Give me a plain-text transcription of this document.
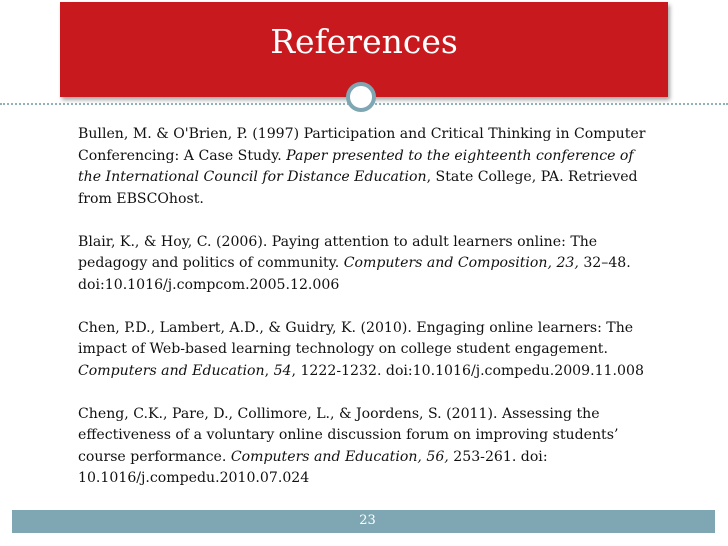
References

Bullen, M. & O'Brien, P. (1997) Participation and Critical Thinking in Computer Conferencing: A Case Study. Paper presented to the eighteenth conference of the International Council for Distance Education, State College, PA. Retrieved from EBSCOhost.

Blair, K., & Hoy, C. (2006). Paying attention to adult learners online: The pedagogy and politics of community. Computers and Composition, 23, 32–48. doi:10.1016/j.compcom.2005.12.006

Chen, P.D., Lambert, A.D., & Guidry, K. (2010). Engaging online learners: The impact of Web-based learning technology on college student engagement. Computers and Education, 54, 1222-1232. doi:10.1016/j.compedu.2009.11.008

Cheng, C.K., Pare, D., Collimore, L., & Joordens, S. (2011). Assessing the effectiveness of a voluntary online discussion forum on improving students’ course performance. Computers and Education, 56, 253-261. doi: 10.1016/j.compedu.2010.07.024

23
